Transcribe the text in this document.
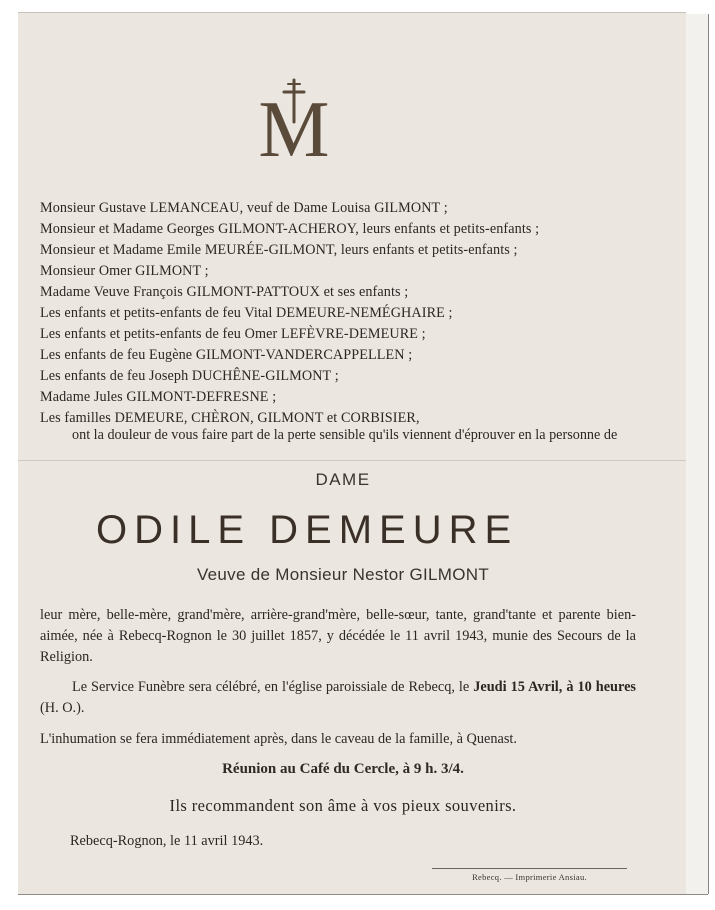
M
Monsieur Gustave LEMANCEAU, veuf de Dame Louisa GILMONT ;
Monsieur et Madame Georges GILMONT-ACHEROY, leurs enfants et petits-enfants ;
Monsieur et Madame Emile MEURÉE-GILMONT, leurs enfants et petits-enfants ;
Monsieur Omer GILMONT ;
Madame Veuve François GILMONT-PATTOUX et ses enfants ;
Les enfants et petits-enfants de feu Vital DEMEURE-NEMÉGHAIRE ;
Les enfants et petits-enfants de feu Omer LEFÈVRE-DEMEURE ;
Les enfants de feu Eugène GILMONT-VANDERCAPPELLEN ;
Les enfants de feu Joseph DUCHÊNE-GILMONT ;
Madame Jules GILMONT-DEFRESNE ;
Les familles DEMEURE, CHÈRON, GILMONT et CORBISIER,
ont la douleur de vous faire part de la perte sensible qu'ils viennent d'éprouver en la personne de
DAME
ODILE DEMEURE
Veuve de Monsieur Nestor GILMONT
leur mère, belle-mère, grand'mère, arrière-grand'mère, belle-sœur, tante, grand'tante et parente bien-aimée, née à Rebecq-Rognon le 30 juillet 1857, y décédée le 11 avril 1943, munie des Secours de la Religion.
Le Service Funèbre sera célébré, en l'église paroissiale de Rebecq, le Jeudi 15 Avril, à 10 heures (H. O.).
L'inhumation se fera immédiatement après, dans le caveau de la famille, à Quenast.
Réunion au Café du Cercle, à 9 h. 3/4.
Ils recommandent son âme à vos pieux souvenirs.
Rebecq-Rognon, le 11 avril 1943.
Rebecq. — Imprimerie Ansiau.
